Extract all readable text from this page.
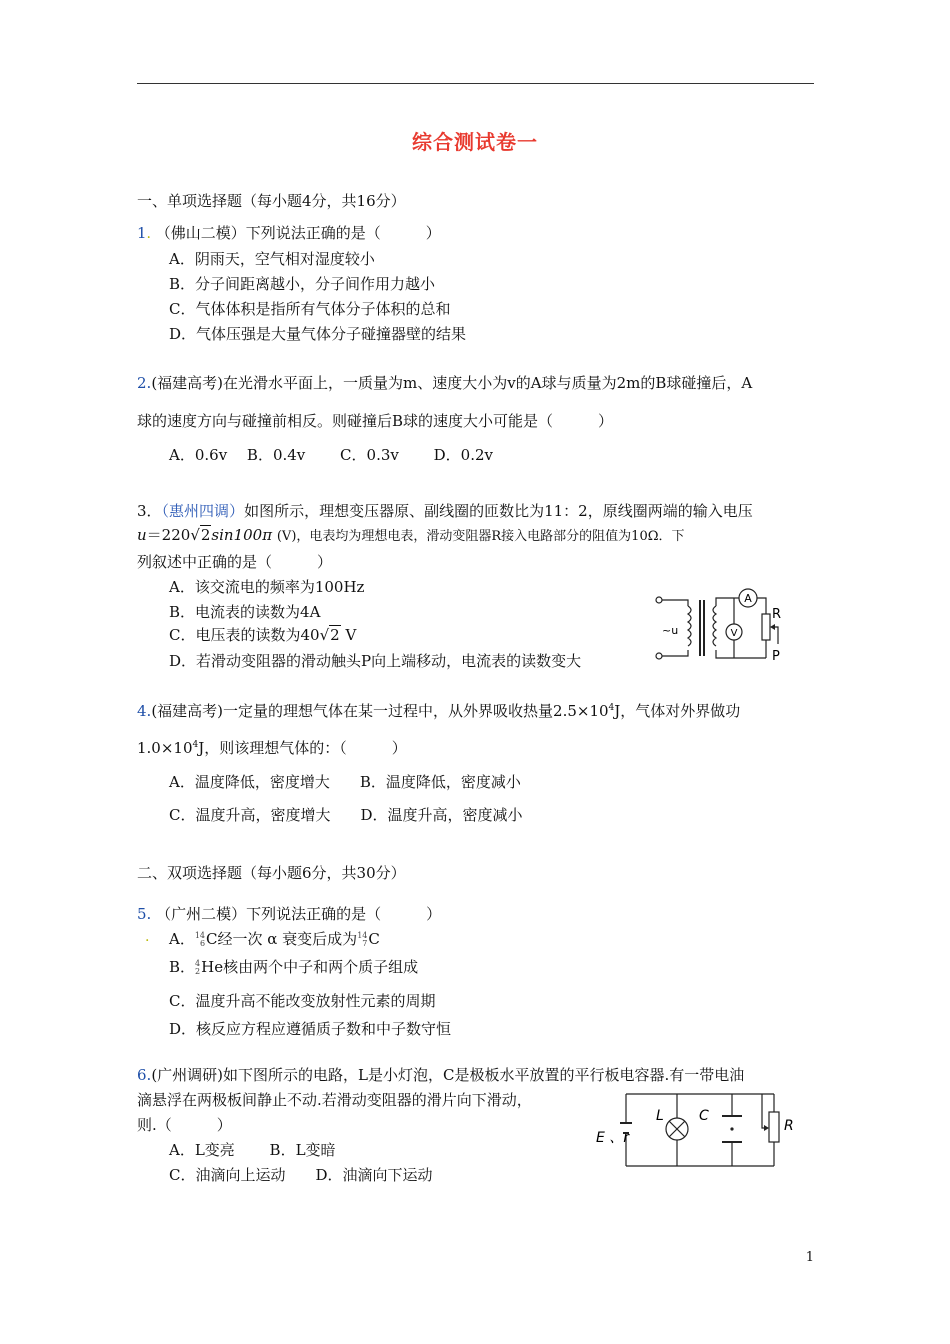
综合测试卷一
一、单项选择题（每小题4分，共16分）
1. （佛山二模）下列说法正确的是（　　　）
A．阴雨天，空气相对湿度较小
B．分子间距离越小，分子间作用力越小
C．气体体积是指所有气体分子体积的总和
D．气体压强是大量气体分子碰撞器壁的结果
2.(福建高考)在光滑水平面上，一质量为m、速度大小为v的A球与质量为2m的B球碰撞后，A
球的速度方向与碰撞前相反。则碰撞后B球的速度大小可能是（　　　）
A．0.6v　 B．0.4v　　 C．0.3v　　 D．0.2v
3．（惠州四调）如图所示，理想变压器原、副线圈的匝数比为11：2，原线圈两端的输入电压
u＝220√2sin100π (V)，电表均为理想电表，滑动变阻器R接入电路部分的阻值为10Ω．下
列叙述中正确的是（　　　）
A．该交流电的频率为100Hz
B．电流表的读数为4A
C．电压表的读数为40√2 V
D．若滑动变阻器的滑动触头P向上端移动，电流表的读数变大
~u
A
V
R
P
4.(福建高考)一定量的理想气体在某一过程中，从外界吸收热量$2.5\times 10^4J$，气体对外界做功
$1.0\times 10^4J$，则该理想气体的：（　　　）
A．温度降低，密度增大　　B．温度降低，密度减小
C．温度升高，密度增大　　D．温度升高，密度减小
二、双项选择题（每小题6分，共30分）
5. （广州二模）下列说法正确的是（　　　）
. A．14
6C经一次 α 衰变后成为14
7C
B．4
2He核由两个中子和两个质子组成
C．温度升高不能改变放射性元素的周期
D．核反应方程应遵循质子数和中子数守恒
6.(广州调研)如下图所示的电路，L是小灯泡，C是极板水平放置的平行板电容器.有一带电油
滴悬浮在两极板间静止不动.若滑动变阻器的滑片向下滑动，
则.（　　　）
A．L变亮　　 B．L变暗
C．油滴向上运动　　D．油滴向下运动
L	C
R
E 、r
1
